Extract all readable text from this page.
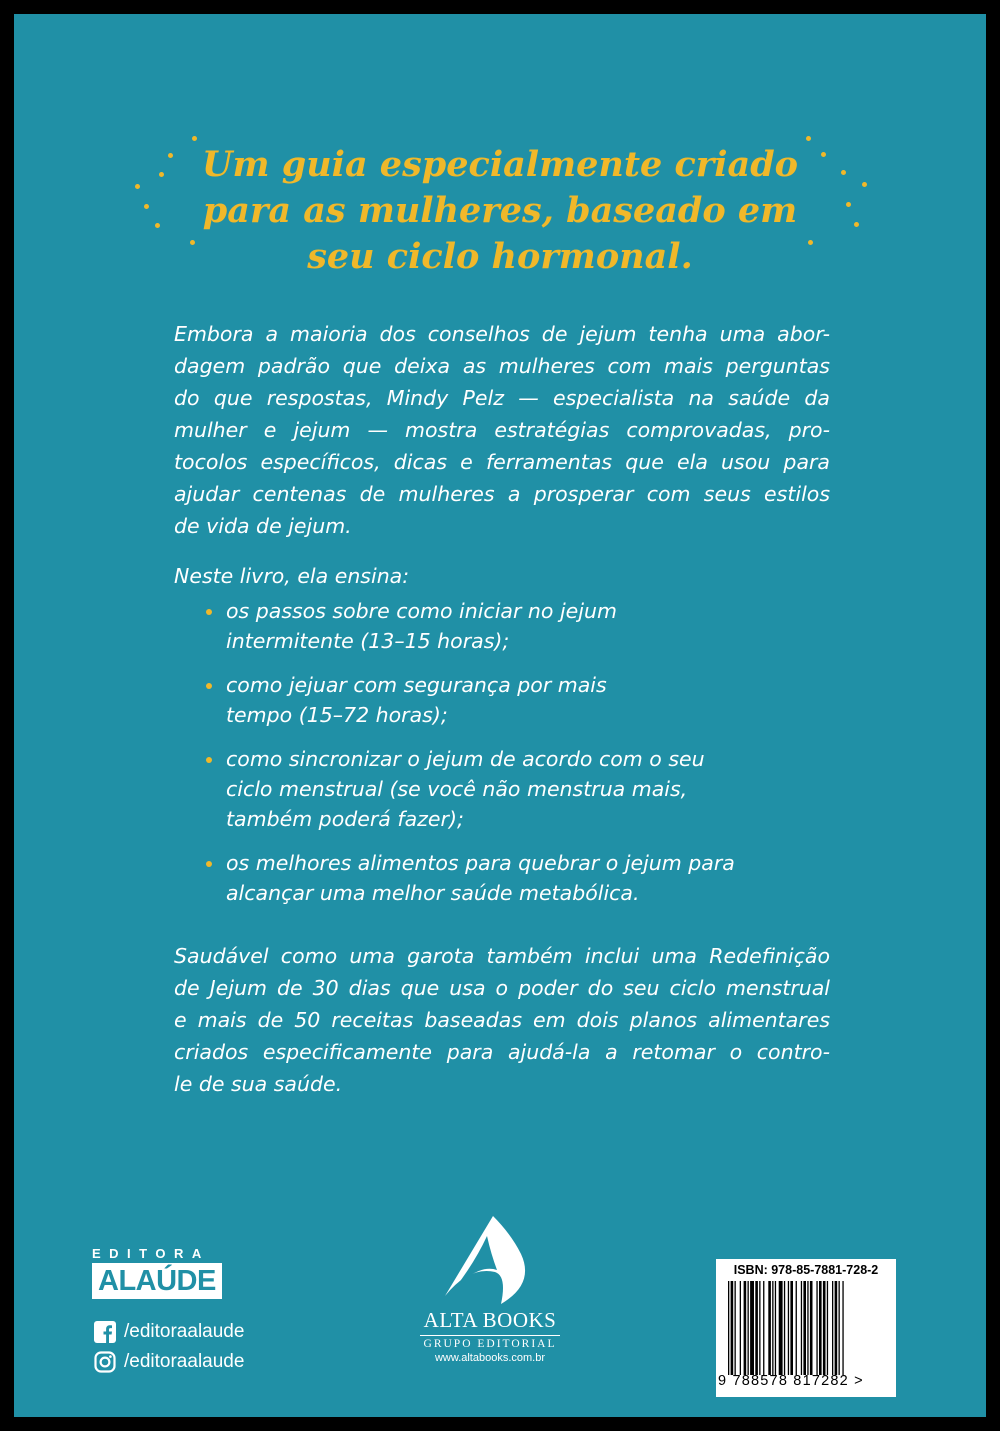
Um guia especialmente criado
para as mulheres, baseado em
seu ciclo hormonal.
Embora a maioria dos conselhos de jejum tenha uma abor-
dagem padrão que deixa as mulheres com mais perguntas
do que respostas, Mindy Pelz — especialista na saúde da
mulher e jejum — mostra estratégias comprovadas, pro-
tocolos específicos, dicas e ferramentas que ela usou para
ajudar centenas de mulheres a prosperar com seus estilos
de vida de jejum.
Neste livro, ela ensina:
os passos sobre como iniciar no jejum
intermitente (13–15 horas);
como jejuar com segurança por mais
tempo (15–72 horas);
como sincronizar o jejum de acordo com o seu
ciclo menstrual (se você não menstrua mais,
também poderá fazer);
os melhores alimentos para quebrar o jejum para
alcançar uma melhor saúde metabólica.
Saudável como uma garota também inclui uma Redefinição
de Jejum de 30 dias que usa o poder do seu ciclo menstrual
e mais de 50 receitas baseadas em dois planos alimentares
criados especificamente para ajudá-la a retomar o contro-
le de sua saúde.
EDITORA
ALAÚDE
/editoraalaude
/editoraalaude
ALTA BOOKS
GRUPO EDITORIAL
www.altabooks.com.br
ISBN: 978-85-7881-728-2
9 788578 817282 >
